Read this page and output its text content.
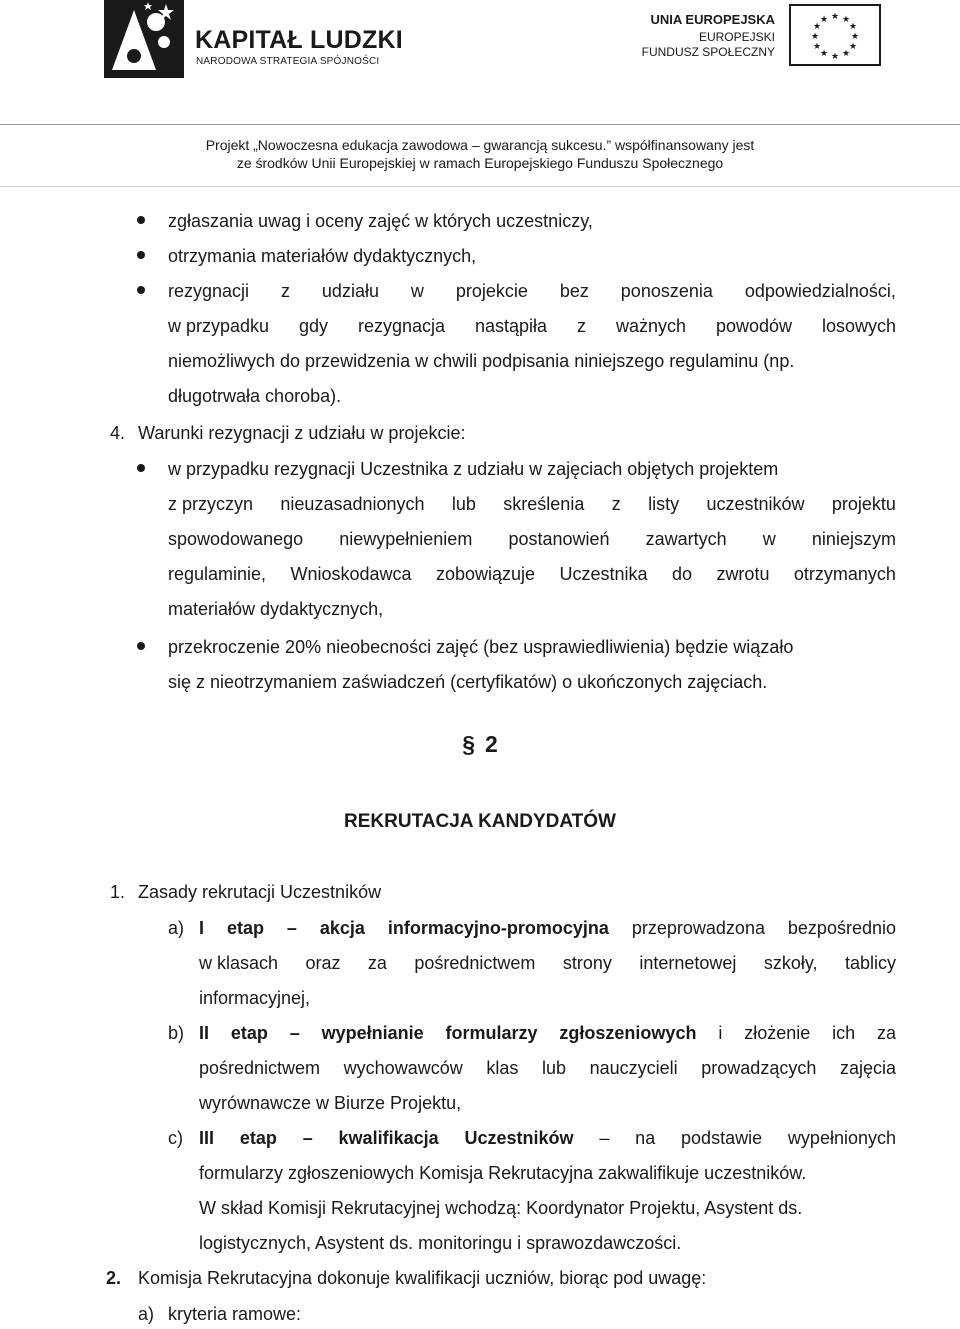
KAPITAŁ LUDZKI
NARODOWA STRATEGIA SPÓJNOŚCI
UNIA EUROPEJSKA
EUROPEJSKI
FUNDUSZ SPOŁECZNY
★ ★
★
★
★
★
★
★
★
★
★
★
Projekt „Nowoczesna edukacja zawodowa – gwarancją sukcesu.” współfinansowany jest
ze środków Unii Europejskiej w ramach Europejskiego Funduszu Społecznego
zgłaszania uwag i oceny zajęć w których uczestniczy,
otrzymania materiałów dydaktycznych,
rezygnacji z udziału w projekcie bez ponoszenia odpowiedzialności,
w przypadku gdy rezygnacja nastąpiła z ważnych powodów losowych
niemożliwych do przewidzenia w chwili podpisania niniejszego regulaminu (np.
długotrwała choroba).
4. Warunki rezygnacji z udziału w projekcie:
w przypadku rezygnacji Uczestnika z udziału w zajęciach objętych projektem
z przyczyn nieuzasadnionych lub skreślenia z listy uczestników projektu
spowodowanego niewypełnieniem postanowień zawartych w niniejszym
regulaminie, Wnioskodawca zobowiązuje Uczestnika do zwrotu otrzymanych
materiałów dydaktycznych,
przekroczenie 20% nieobecności zajęć (bez usprawiedliwienia) będzie wiązało
się z nieotrzymaniem zaświadczeń (certyfikatów) o ukończonych zajęciach.
§ 2
REKRUTACJA KANDYDATÓW
1. Zasady rekrutacji Uczestników
a) I etap – akcja informacyjno-promocyjna przeprowadzona bezpośrednio
w klasach oraz za pośrednictwem strony internetowej szkoły, tablicy
informacyjnej,
b) II etap – wypełnianie formularzy zgłoszeniowych i złożenie ich za
pośrednictwem wychowawców klas lub nauczycieli prowadzących zajęcia
wyrównawcze w Biurze Projektu,
c) III etap – kwalifikacja Uczestników – na podstawie wypełnionych
formularzy zgłoszeniowych Komisja Rekrutacyjna zakwalifikuje uczestników.
W skład Komisji Rekrutacyjnej wchodzą: Koordynator Projektu, Asystent ds.
logistycznych, Asystent ds. monitoringu i sprawozdawczości.
2. Komisja Rekrutacyjna dokonuje kwalifikacji uczniów, biorąc pod uwagę:
a) kryteria ramowe:
